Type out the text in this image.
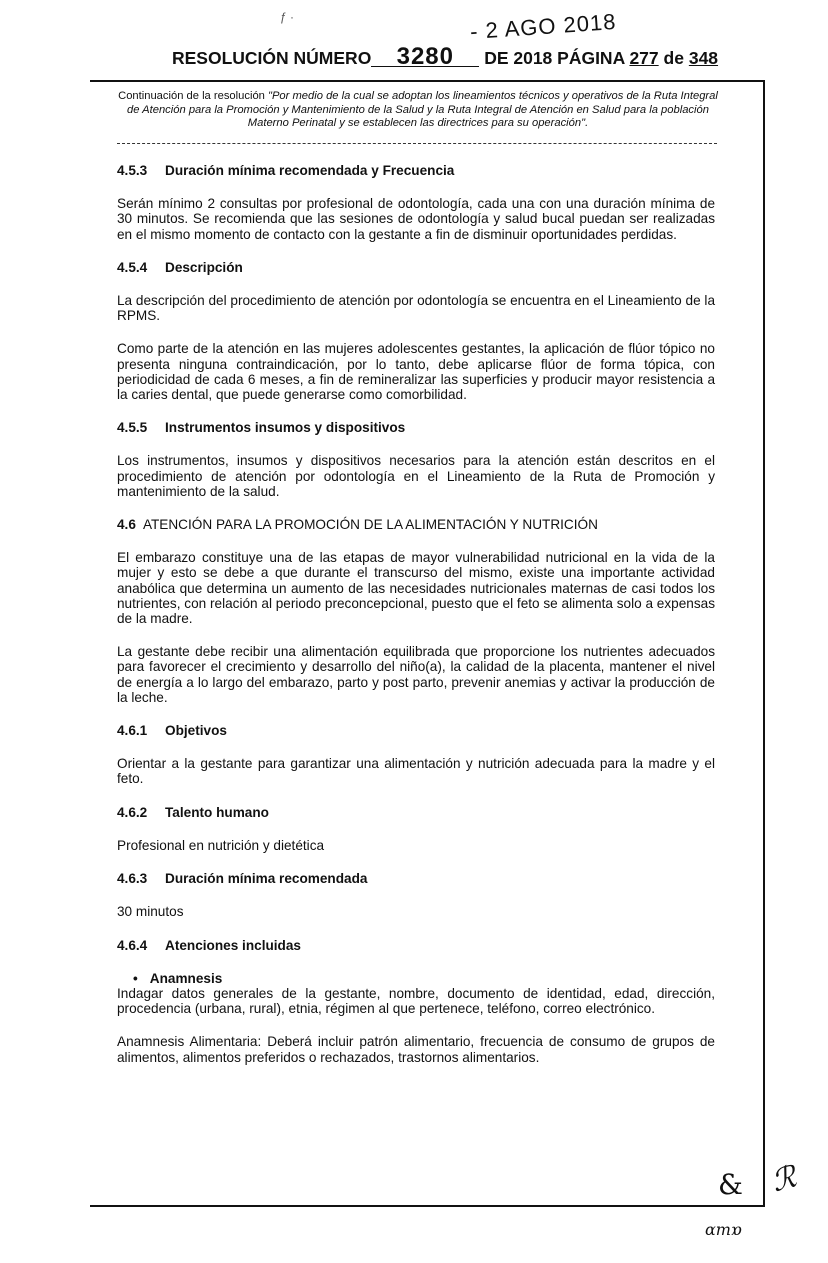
ƒ ·	- 2 AGO 2018
RESOLUCIÓN NÚMERO 3280 DE 2018 PÁGINA 277 de 348
Continuación de la resolución "Por medio de la cual se adoptan los lineamientos técnicos y operativos de la Ruta Integral de Atención para la Promoción y Mantenimiento de la Salud y la Ruta Integral de Atención en Salud para la población Materno Perinatal y se establecen las directrices para su operación".
4.5.3 Duración mínima recomendada y Frecuencia

Serán mínimo 2 consultas por profesional de odontología, cada una con una duración mínima de 30 minutos. Se recomienda que las sesiones de odontología y salud bucal puedan ser realizadas en el mismo momento de contacto con la gestante a fin de disminuir oportunidades perdidas.

4.5.4 Descripción

La descripción del procedimiento de atención por odontología se encuentra en el Lineamiento de la RPMS.

Como parte de la atención en las mujeres adolescentes gestantes, la aplicación de flúor tópico no presenta ninguna contraindicación, por lo tanto, debe aplicarse flúor de forma tópica, con periodicidad de cada 6 meses, a fin de remineralizar las superficies y producir mayor resistencia a la caries dental, que puede generarse como comorbilidad.

4.5.5 Instrumentos insumos y dispositivos

Los instrumentos, insumos y dispositivos necesarios para la atención están descritos en el procedimiento de atención por odontología en el Lineamiento de la Ruta de Promoción y mantenimiento de la salud.

4.6 ATENCIÓN PARA LA PROMOCIÓN DE LA ALIMENTACIÓN Y NUTRICIÓN

El embarazo constituye una de las etapas de mayor vulnerabilidad nutricional en la vida de la mujer y esto se debe a que durante el transcurso del mismo, existe una importante actividad anabólica que determina un aumento de las necesidades nutricionales maternas de casi todos los nutrientes, con relación al periodo preconcepcional, puesto que el feto se alimenta solo a expensas de la madre.

La gestante debe recibir una alimentación equilibrada que proporcione los nutrientes adecuados para favorecer el crecimiento y desarrollo del niño(a), la calidad de la placenta, mantener el nivel de energía a lo largo del embarazo, parto y post parto, prevenir anemias y activar la producción de la leche.

4.6.1 Objetivos

Orientar a la gestante para garantizar una alimentación y nutrición adecuada para la madre y el feto.

4.6.2 Talento humano

Profesional en nutrición y dietética

4.6.3 Duración mínima recomendada

30 minutos

4.6.4 Atenciones incluidas
• Anamnesis

Indagar datos generales de la gestante, nombre, documento de identidad, edad, dirección, procedencia (urbana, rural), etnia, régimen al que pertenece, teléfono, correo electrónico.

Anamnesis Alimentaria: Deberá incluir patrón alimentario, frecuencia de consumo de grupos de alimentos, alimentos preferidos o rechazados, trastornos alimentarios.

& ℛ
ɑmɒ
